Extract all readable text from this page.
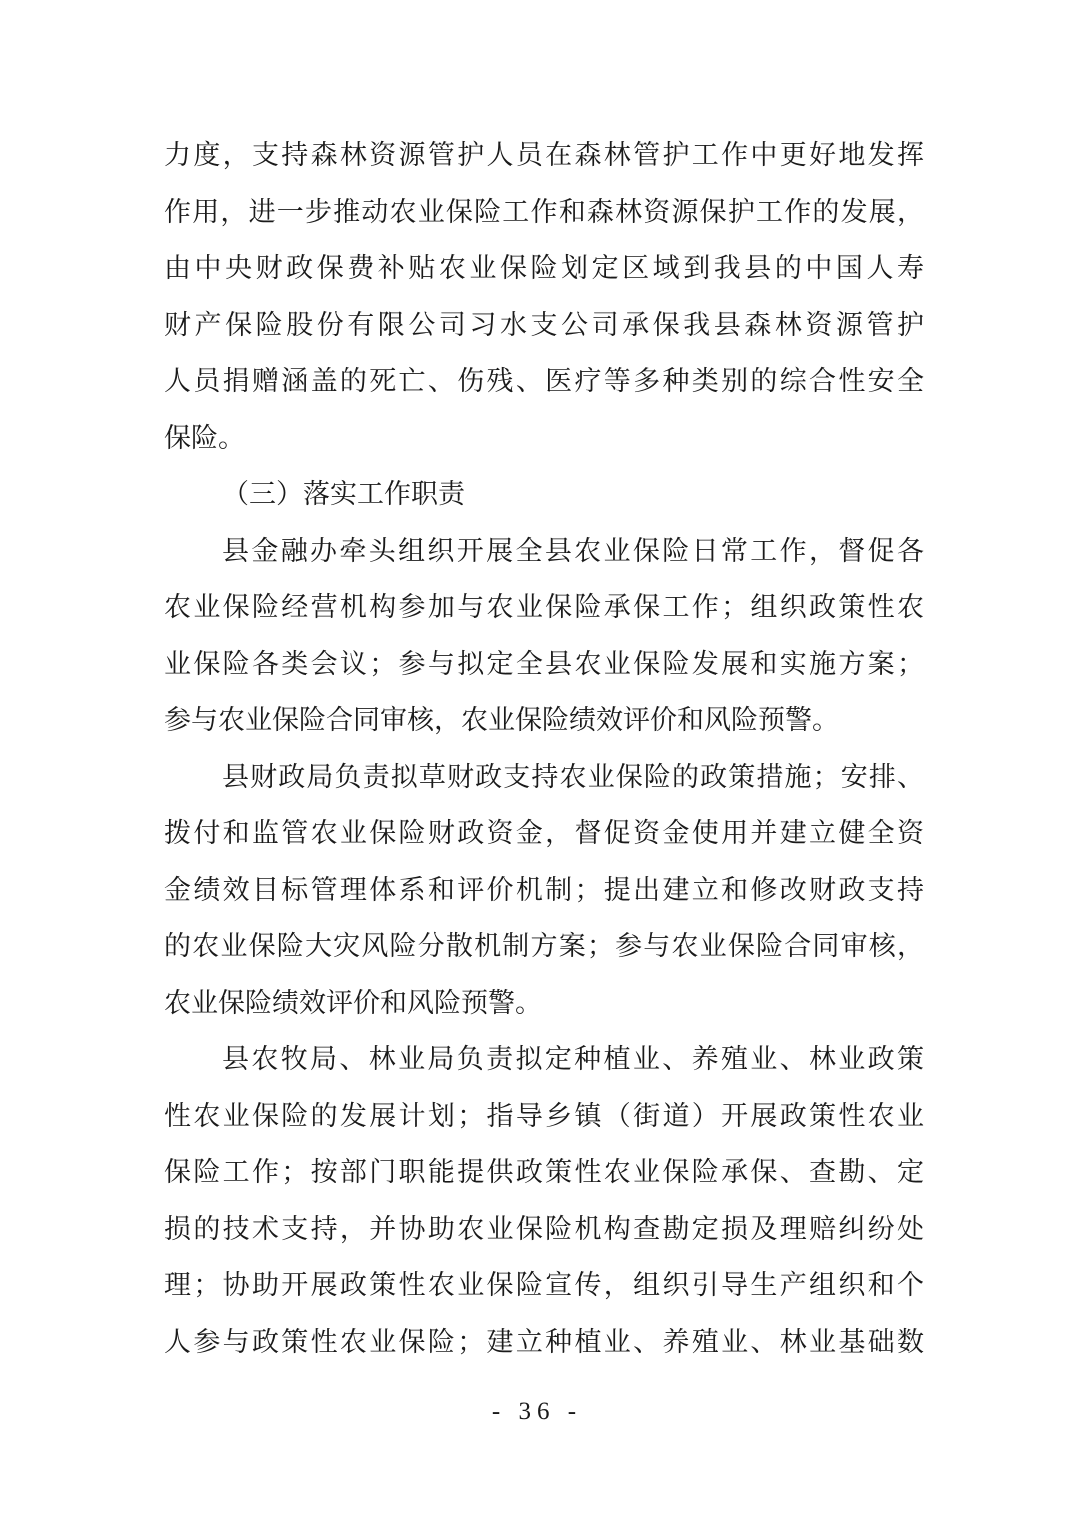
力度，支持森林资源管护人员在森林管护工作中更好地发挥
作用，进一步推动农业保险工作和森林资源保护工作的发展，
由中央财政保费补贴农业保险划定区域到我县的中国人寿
财产保险股份有限公司习水支公司承保我县森林资源管护
人员捐赠涵盖的死亡、伤残、医疗等多种类别的综合性安全
保险。
（三）落实工作职责
县金融办牵头组织开展全县农业保险日常工作，督促各
农业保险经营机构参加与农业保险承保工作；组织政策性农
业保险各类会议；参与拟定全县农业保险发展和实施方案；
参与农业保险合同审核，农业保险绩效评价和风险预警。
县财政局负责拟草财政支持农业保险的政策措施；安排、
拨付和监管农业保险财政资金，督促资金使用并建立健全资
金绩效目标管理体系和评价机制；提出建立和修改财政支持
的农业保险大灾风险分散机制方案；参与农业保险合同审核，
农业保险绩效评价和风险预警。
县农牧局、林业局负责拟定种植业、养殖业、林业政策
性农业保险的发展计划；指导乡镇（街道）开展政策性农业
保险工作；按部门职能提供政策性农业保险承保、查勘、定
损的技术支持，并协助农业保险机构查勘定损及理赔纠纷处
理；协助开展政策性农业保险宣传，组织引导生产组织和个
人参与政策性农业保险；建立种植业、养殖业、林业基础数
- 36 -
